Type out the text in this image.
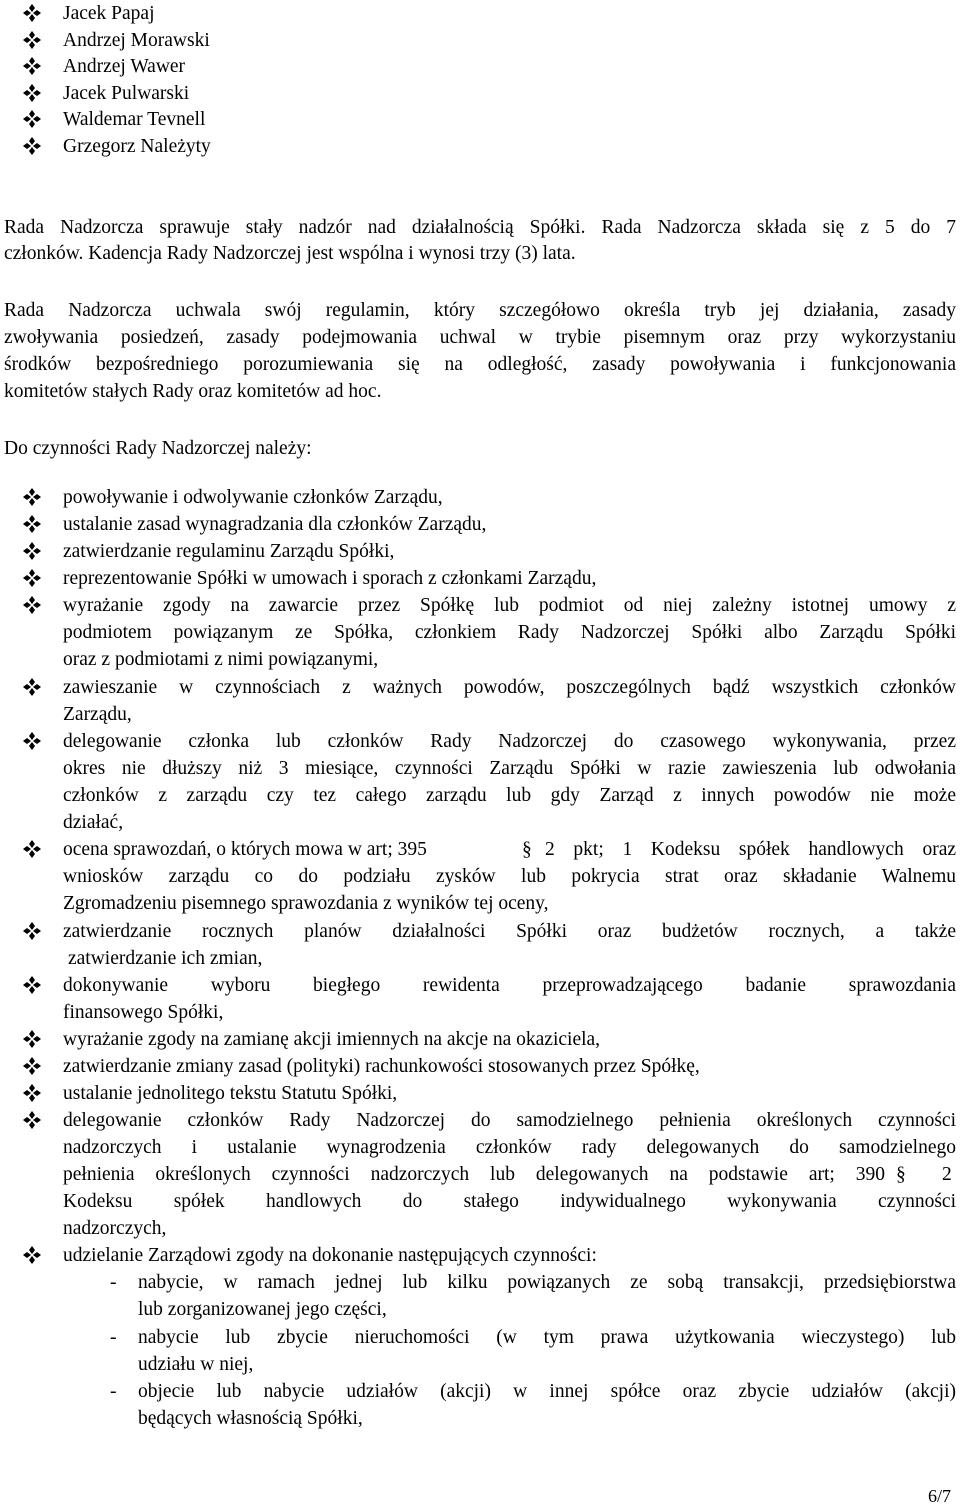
Jacek Papaj
Andrzej Morawski
Andrzej Wawer
Jacek Pulwarski
Waldemar Tevnell
Grzegorz Należyty
Rada Nadzorcza sprawuje stały nadzór nad działalnością Spółki. Rada Nadzorcza składa się z 5 do 7
członków. Kadencja Rady Nadzorczej jest wspólna i wynosi trzy (3) lata.
Rada Nadzorcza uchwala swój regulamin, który szczegółowo określa tryb jej działania, zasady
zwoływania posiedzeń, zasady podejmowania uchwal w trybie pisemnym oraz przy wykorzystaniu
środków bezpośredniego porozumiewania się na odległość, zasady powoływania i funkcjonowania
komitetów stałych Rady oraz komitetów ad hoc.
Do czynności Rady Nadzorczej należy:
powoływanie i odwolywanie członków Zarządu,
ustalanie zasad wynagradzania dla członków Zarządu,
zatwierdzanie regulaminu Zarządu Spółki,
reprezentowanie Spółki w umowach i sporach z członkami Zarządu,
wyrażanie zgody na zawarcie przez Spółkę lub podmiot od niej zależny istotnej umowy z
podmiotem powiązanym ze Spółka, członkiem Rady Nadzorczej Spółki albo Zarządu Spółki
oraz z podmiotami z nimi powiązanymi,
zawieszanie w czynnościach z ważnych powodów, poszczególnych bądź wszystkich członków
Zarządu,
delegowanie członka lub członków Rady Nadzorczej do czasowego wykonywania, przez
okres nie dłuższy niż 3 miesiące, czynności Zarządu Spółki w razie zawieszenia lub odwołania
członków z zarządu czy tez całego zarządu lub gdy Zarząd z innych powodów nie może
działać,
ocena sprawozdań, o których mowa w art; 395	§ 2 pkt; 1 Kodeksu spółek handlowych oraz
wniosków zarządu co do podziału zysków lub pokrycia strat oraz składanie Walnemu
Zgromadzeniu pisemnego sprawozdania z wyników tej oceny,
zatwierdzanie rocznych planów działalności Spółki oraz budżetów rocznych, a także
zatwierdzanie ich zmian,
dokonywanie wyboru biegłego rewidenta przeprowadzającego badanie sprawozdania
finansowego Spółki,
wyrażanie zgody na zamianę akcji imiennych na akcje na okaziciela,
zatwierdzanie zmiany zasad (polityki) rachunkowości stosowanych przez Spółkę,
ustalanie jednolitego tekstu Statutu Spółki,
delegowanie członków Rady Nadzorczej do samodzielnego pełnienia określonych czynności
nadzorczych i ustalanie wynagrodzenia członków rady delegowanych do samodzielnego
pełnienia określonych czynności nadzorczych lub delegowanych na podstawie art; 390 § 2
Kodeksu spółek handlowych do stałego indywidualnego wykonywania czynności
nadzorczych,
udzielanie Zarządowi zgody na dokonanie następujących czynności:
- nabycie, w ramach jednej lub kilku powiązanych ze sobą transakcji, przedsiębiorstwa
lub zorganizowanej jego części,
- nabycie lub zbycie nieruchomości (w tym prawa użytkowania wieczystego) lub
udziału w niej,
- objecie lub nabycie udziałów (akcji) w innej spółce oraz zbycie udziałów (akcji)
będących własnością Spółki,
6/7
